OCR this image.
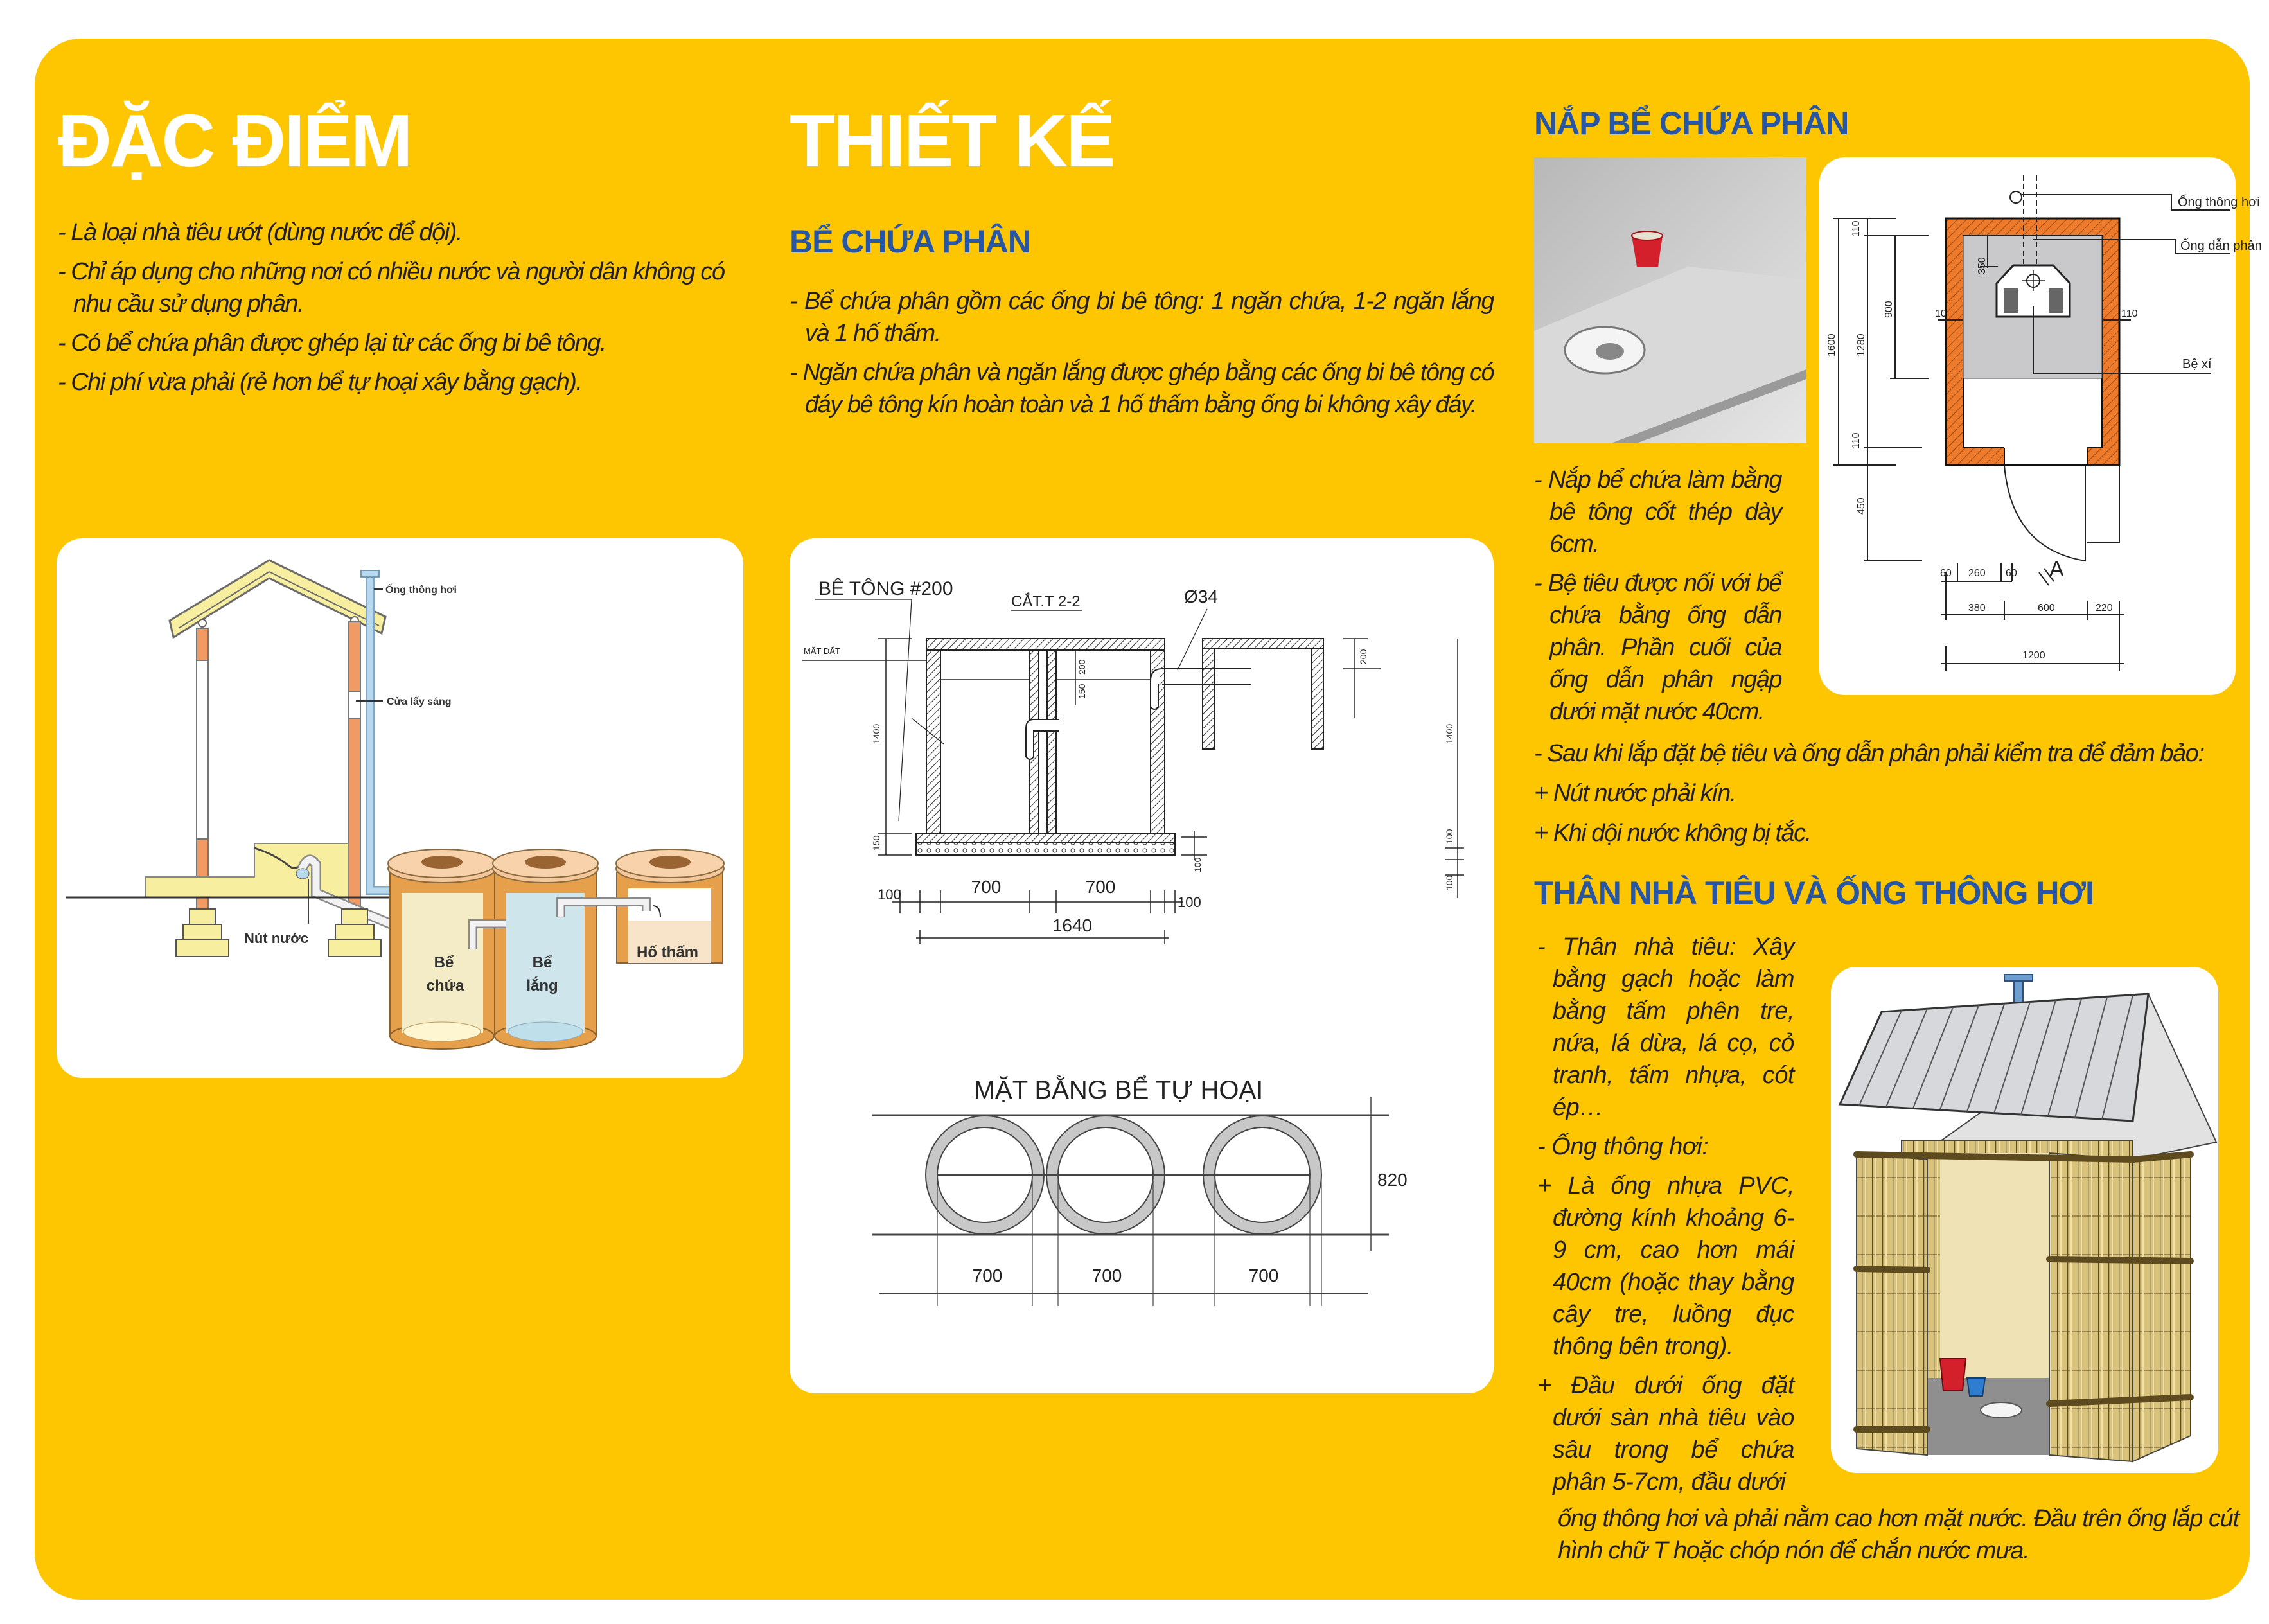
ĐẶC ĐIỂM

- Là loại nhà tiêu ướt (dùng nước để dội).

- Chỉ áp dụng cho những nơi có nhiều nước và người dân không có nhu cầu sử dụng phân.

- Có bể chứa phân được ghép lại từ các ống bi bê tông.

- Chi phí vừa phải (rẻ hơn bể tự hoại xây bằng gạch).

Ống thông hơi
Cửa lấy sáng
Nút nước
Bể
chứa
Bể
lắng
Hố thấm
THIẾT KẾ
BỂ CHỨA PHÂN

- Bể chứa phân gồm các ống bi bê tông: 1 ngăn chứa, 1-2 ngăn lắng và 1 hố thấm.

- Ngăn chứa phân và ngăn lắng được ghép bằng các ống bi bê tông có đáy bê tông kín hoàn toàn và 1 hố thấm bằng ống bi không xây đáy.

BÊ TÔNG #200
CẮT.T 2-2	Ø34
MẶT ĐẤT
1400
150
200
150
200
1400
100
100
100
100	700	700
100
1640
MẶT BẰNG BỂ TỰ HOẠI
700	700	700
820
NẮP BỂ CHỨA PHÂN
Ống thông hơi
Ống dẫn phân
Bệ xí
A
1600 1280
900
110
110
450
350
10	110
60 260 60
380	600	220
1200

- Nắp bể chứa làm bằng bê tông cốt thép dày 6cm.

- Bệ tiêu được nối với bể chứa bằng ống dẫn phân. Phần cuối của ống dẫn phân ngập dưới mặt nước 40cm.

- Sau khi lắp đặt bệ tiêu và ống dẫn phân phải kiểm tra để đảm bảo:

+ Nút nước phải kín.

+ Khi dội nước không bị tắc.

THÂN NHÀ TIÊU VÀ ỐNG THÔNG HƠI

- Thân nhà tiêu: Xây bằng gạch hoặc làm bằng tấm phên tre, nứa, lá dừa, lá cọ, cỏ tranh, tấm nhựa, cót ép…

- Ống thông hơi:

+ Là ống nhựa PVC, đường kính khoảng 6-9 cm, cao hơn mái 40cm (hoặc thay bằng cây tre, luồng đục thông bên trong).

+ Đầu dưới ống đặt dưới sàn nhà tiêu vào sâu trong bể chứa phân 5-7cm, đầu dưới

ống thông hơi và phải nằm cao hơn mặt nước. Đầu trên ống lắp cút hình chữ T hoặc chóp nón để chắn nước mưa.
